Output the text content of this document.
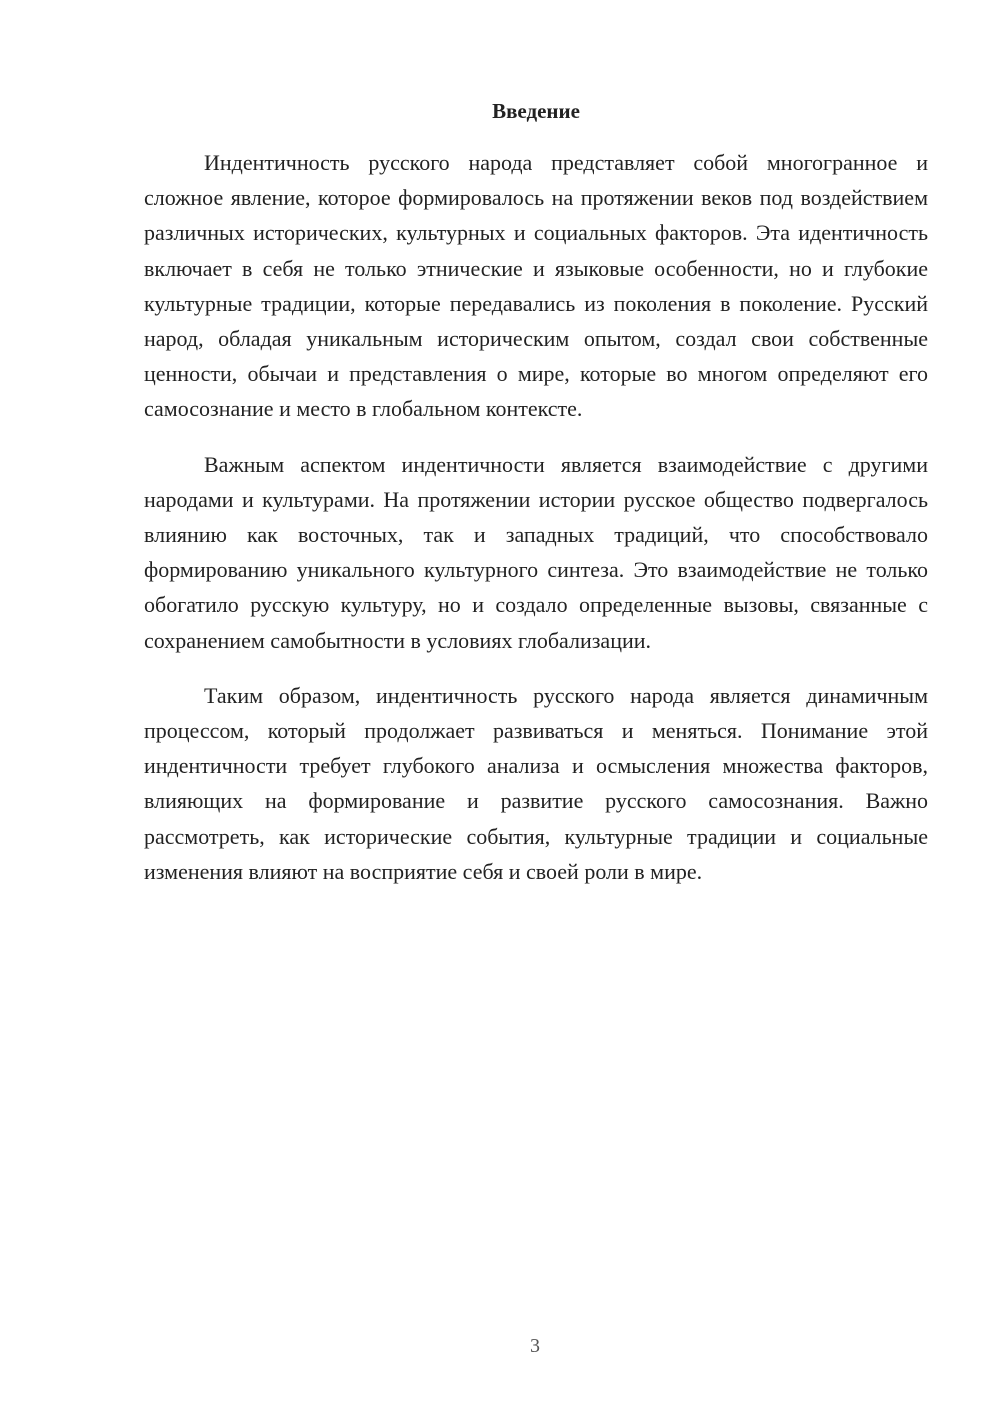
Введение

Индентичность русского народа представляет собой многогранное и сложное явление, которое формировалось на протяжении веков под воздействием различных исторических, культурных и социальных факторов. Эта идентичность включает в себя не только этнические и языковые особенности, но и глубокие культурные традиции, которые передавались из поколения в поколение. Русский народ, обладая уникальным историческим опытом, создал свои собственные ценности, обычаи и представления о мире, которые во многом определяют его самосознание и место в глобальном контексте.

Важным аспектом индентичности является взаимодействие с другими народами и культурами. На протяжении истории русское общество подвергалось влиянию как восточных, так и западных традиций, что способствовало формированию уникального культурного синтеза. Это взаимодействие не только обогатило русскую культуру, но и создало определенные вызовы, связанные с сохранением самобытности в условиях глобализации.

Таким образом, индентичность русского народа является динамичным процессом, который продолжает развиваться и меняться. Понимание этой индентичности требует глубокого анализа и осмысления множества факторов, влияющих на формирование и развитие русского самосознания. Важно рассмотреть, как исторические события, культурные традиции и социальные изменения влияют на восприятие себя и своей роли в мире.

3
